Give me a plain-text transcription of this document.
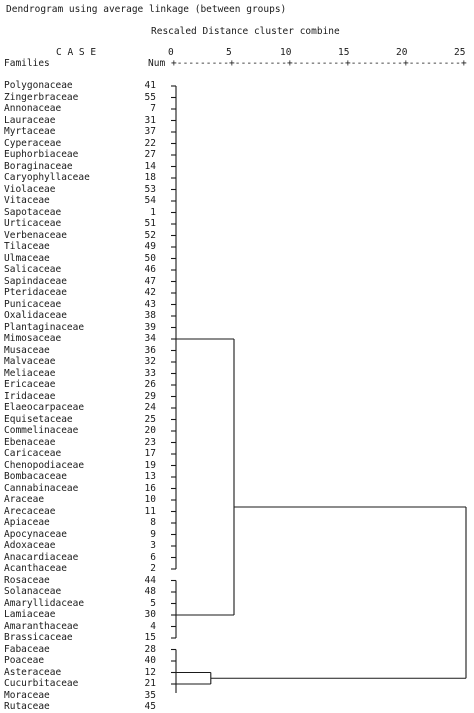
Dendrogram using average linkage (between groups)
Rescaled Distance cluster combine
C A S E
Families	Num
0	5	10	15	20	25
+---------+---------+---------+---------+---------+
Polygonaceae	41
Zingerbraceae	55
Annonaceae	7
Lauraceae	31
Myrtaceae	37
Cyperaceae	22
Euphorbiaceae	27
Boraginaceae	14
Caryophyllaceae	18
Violaceae	53
Vitaceae	54
Sapotaceae	1
Urticaceae	51
Verbenaceae	52
Tilaceae	49
Ulmaceae	50
Salicaceae	46
Sapindaceae	47
Pteridaceae	42
Punicaceae	43
Oxalidaceae	38
Plantaginaceae	39
Mimosaceae	34
Musaceae	36
Malvaceae	32
Meliaceae	33
Ericaceae	26
Iridaceae	29
Elaeocarpaceae	24
Equisetaceae	25
Commelinaceae	20
Ebenaceae	23
Caricaceae	17
Chenopodiaceae	19
Bombacaceae	13
Cannabinaceae	16
Araceae	10
Arecaceae	11
Apiaceae	8
Apocynaceae	9
Adoxaceae	3
Anacardiaceae	6
Acanthaceae	2
Rosaceae	44
Solanaceae	48
Amaryllidaceae	5
Lamiaceae	30
Amaranthaceae	4
Brassicaceae	15
Fabaceae	28
Poaceae	40
Asteraceae	12
Cucurbitaceae	21
Moraceae	35
Rutaceae	45
